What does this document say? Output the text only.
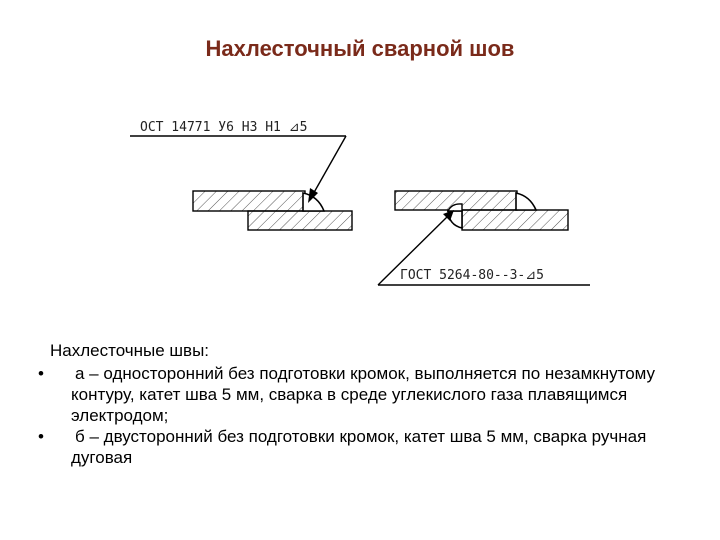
Нахлесточный сварной шов
ОСТ 14771 У6 Н3 Н1 ⊿5
ГОСТ 5264-80--3-⊿5
Нахлесточные швы:
• а – односторонний без подготовки кромок, выполняется по незамкнутому контуру, катет шва 5 мм, сварка в среде углекислого газа плавящимся электродом;
• б – двусторонний без подготовки кромок, катет шва 5 мм, сварка ручная дуговая
